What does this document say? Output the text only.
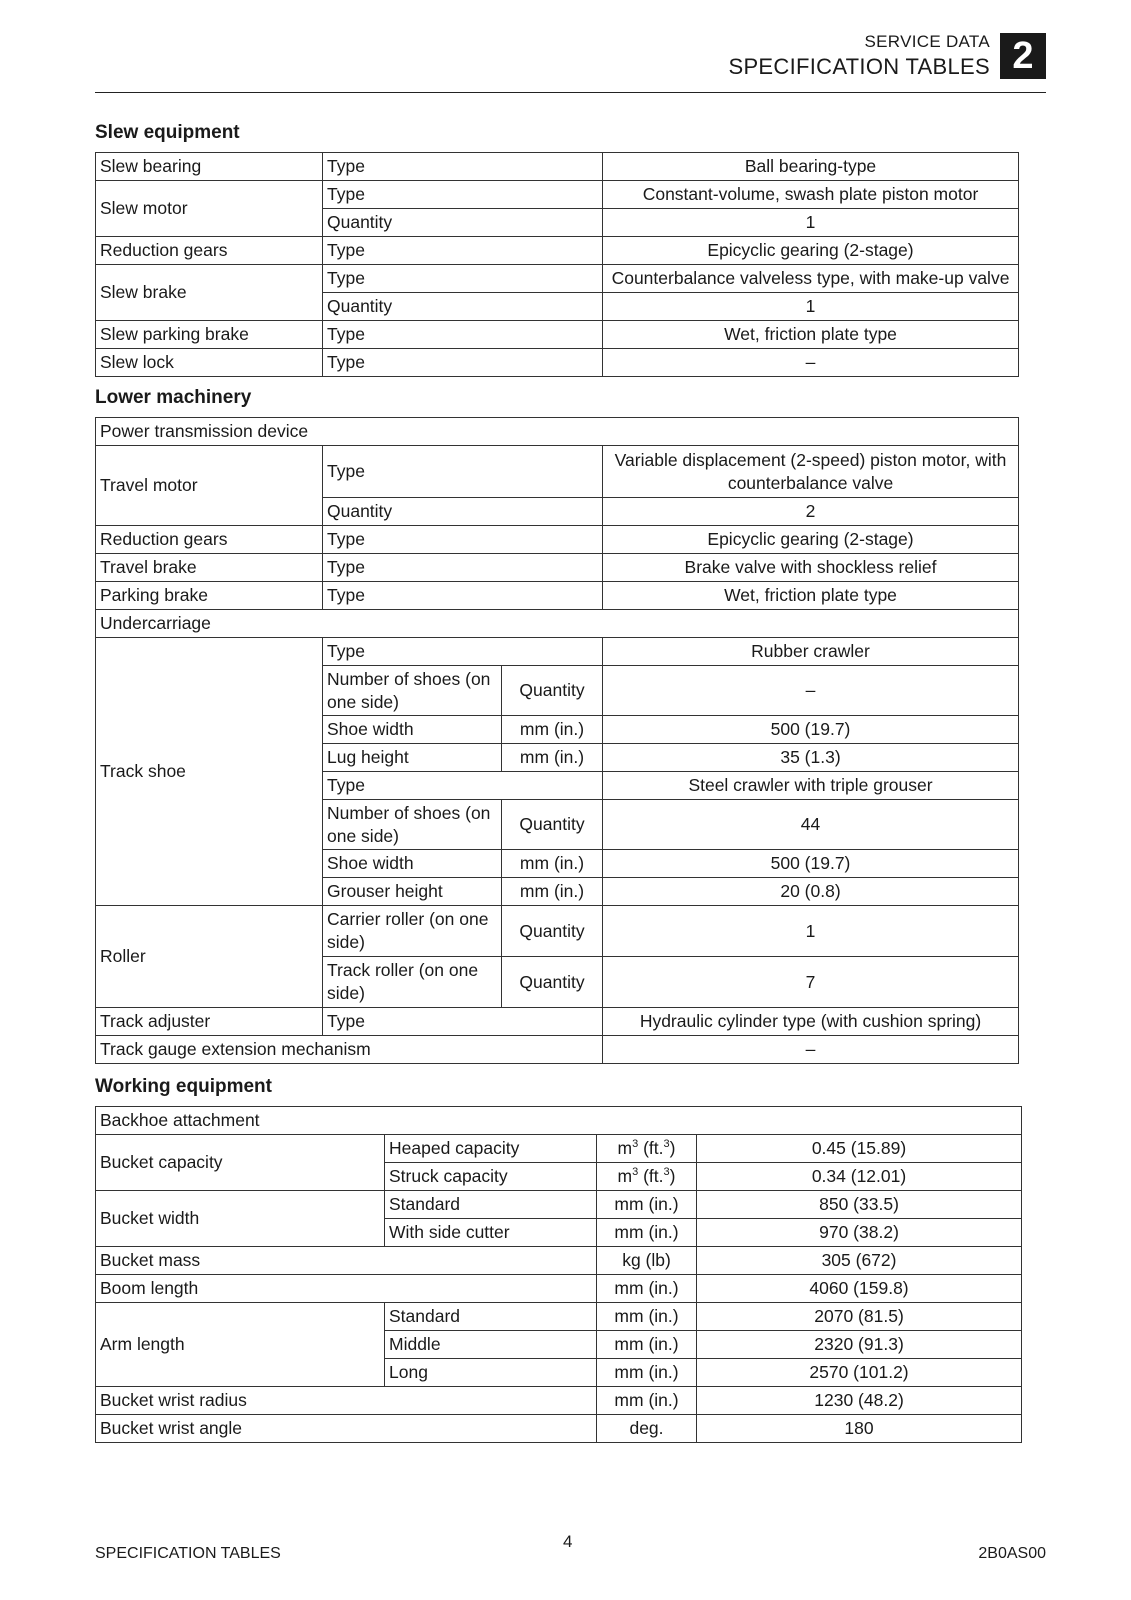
SERVICE DATA
SPECIFICATION TABLES 2
Slew equipment
Slew bearing	Type	Ball bearing-type
Slew motor	Type	Constant-volume, swash plate piston motor
	Quantity	1
Reduction gears	Type	Epicyclic gearing (2-stage)
Slew brake	Type	Counterbalance valveless type, with make-up valve
	Quantity	1
Slew parking brake	Type	Wet, friction plate type
Slew lock	Type	–
Lower machinery
Power transmission device			
Travel motor	Type		Variable displacement (2-speed) piston motor, with counterbalance valve
	Quantity		2
Reduction gears	Type		Epicyclic gearing (2-stage)
Travel brake	Type		Brake valve with shockless relief
Parking brake	Type		Wet, friction plate type
Undercarriage			
Track shoe	Type		Rubber crawler
	Number of shoes (on one side)	Quantity	–
	Shoe width	mm (in.)	500 (19.7)
	Lug height	mm (in.)	35 (1.3)
	Type		Steel crawler with triple grouser
	Number of shoes (on one side)	Quantity	44
	Shoe width	mm (in.)	500 (19.7)
	Grouser height	mm (in.)	20 (0.8)
Roller	Carrier roller (on one side)	Quantity	1
	Track roller (on one side)	Quantity	7
Track adjuster	Type		Hydraulic cylinder type (with cushion spring)
Track gauge extension mechanism			–
Working equipment
Backhoe attachment			
Bucket capacity	Heaped capacity	$m^3$ (ft.$^3$)	0.45 (15.89)
	Struck capacity	$m^3$ (ft.$^3$)	0.34 (12.01)
Bucket width	Standard	mm (in.)	850 (33.5)
	With side cutter	mm (in.)	970 (38.2)
Bucket mass		kg (lb)	305 (672)
Boom length		mm (in.)	4060 (159.8)
Arm length	Standard	mm (in.)	2070 (81.5)
	Middle	mm (in.)	2320 (91.3)
	Long	mm (in.)	2570 (101.2)
Bucket wrist radius		mm (in.)	1230 (48.2)
Bucket wrist angle		deg.	180
SPECIFICATION TABLES
4
2B0AS00
